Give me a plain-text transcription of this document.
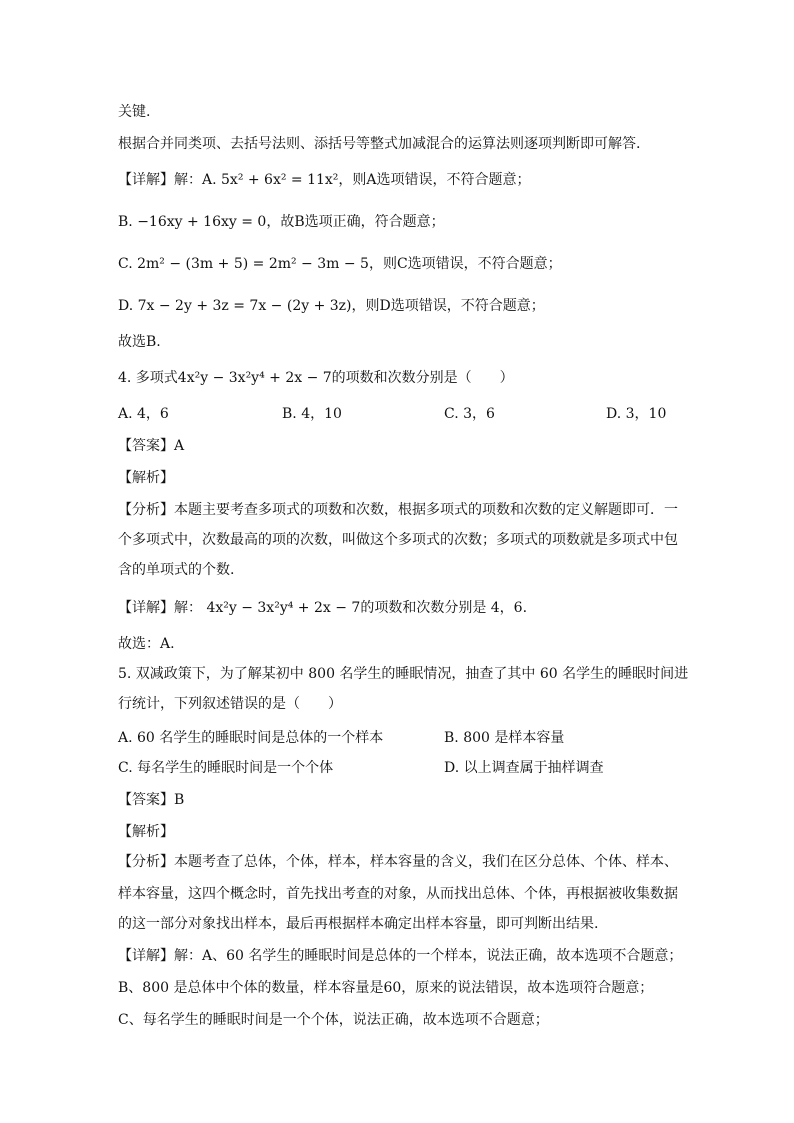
关键.
根据合并同类项、去括号法则、添括号等整式加减混合的运算法则逐项判断即可解答.
【详解】解：A. 5x² + 6x² = 11x²，则A选项错误，不符合题意；
B. −16xy + 16xy = 0，故B选项正确，符合题意；
C. 2m² − (3m + 5) = 2m² − 3m − 5，则C选项错误，不符合题意；
D. 7x − 2y + 3z = 7x − (2y + 3z)，则D选项错误，不符合题意；
故选B.
4. 多项式4x²y − 3x²y⁴ + 2x − 7的项数和次数分别是（　　）
A. 4，6	B. 4，10	C. 3，6	D. 3，10
【答案】A
【解析】
【分析】本题主要考查多项式的项数和次数，根据多项式的项数和次数的定义解题即可．一
个多项式中，次数最高的项的次数，叫做这个多项式的次数；多项式的项数就是多项式中包
含的单项式的个数.
【详解】解： 4x²y − 3x²y⁴ + 2x − 7的项数和次数分别是 4，6.
故选：A.
5. 双减政策下，为了解某初中 800 名学生的睡眠情况，抽查了其中 60 名学生的睡眠时间进
行统计，下列叙述错误的是（　　）
A. 60 名学生的睡眠时间是总体的一个样本	B. 800 是样本容量
C. 每名学生的睡眠时间是一个个体	D. 以上调查属于抽样调查
【答案】B
【解析】
【分析】本题考查了总体，个体，样本，样本容量的含义，我们在区分总体、个体、样本、
样本容量，这四个概念时，首先找出考查的对象，从而找出总体、个体，再根据被收集数据
的这一部分对象找出样本，最后再根据样本确定出样本容量，即可判断出结果.
【详解】解：A、60 名学生的睡眠时间是总体的一个样本，说法正确，故本选项不合题意；
B、800 是总体中个体的数量，样本容量是60，原来的说法错误，故本选项符合题意；
C、每名学生的睡眠时间是一个个体，说法正确，故本选项不合题意；
